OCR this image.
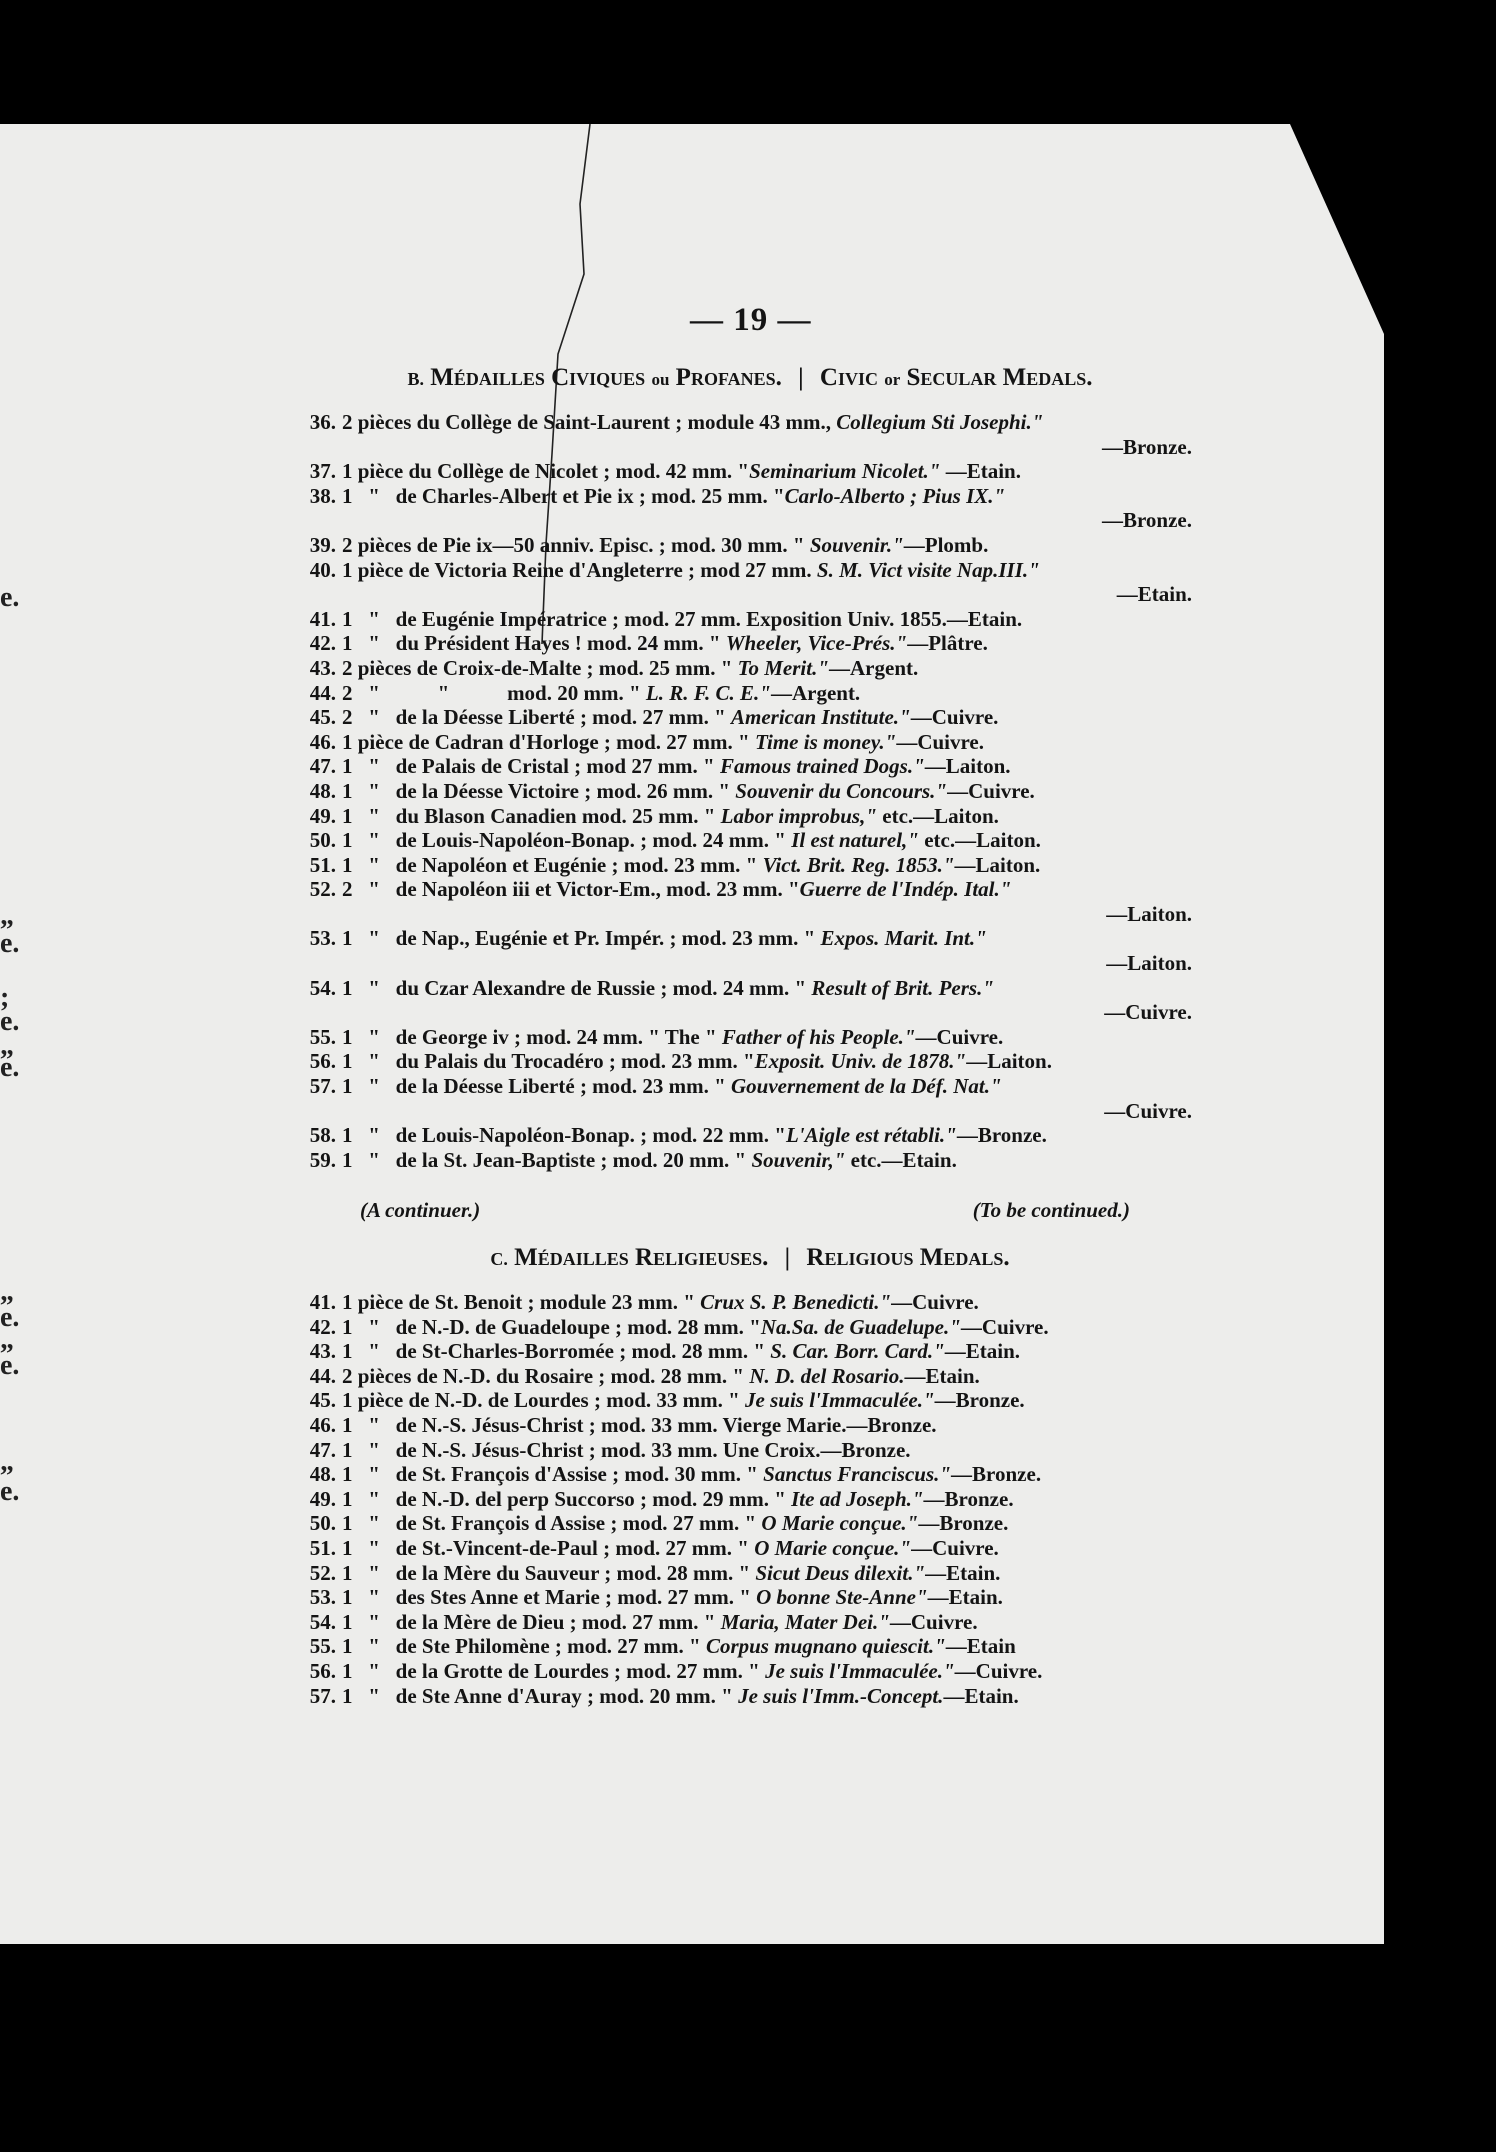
e.
„
e.
;
e.
„
e.
„
e.
„
e.
„
e.
— 19 —
B. Médailles Civiques ou Profanes. | Civic or Secular Medals.
36. 2 pièces du Collège de Saint-Laurent ; module 43 mm., Collegium Sti Josephi."
—Bronze.
37. 1 pièce du Collège de Nicolet ; mod. 42 mm. "Seminarium Nicolet." —Etain.
38. 1   "   de Charles-Albert et Pie ix ; mod. 25 mm. "Carlo-Alberto ; Pius IX."
—Bronze.
39. 2 pièces de Pie ix—50 anniv. Episc. ; mod. 30 mm. " Souvenir."—Plomb.
40. 1 pièce de Victoria Reine d'Angleterre ; mod 27 mm. S. M. Vict visite Nap.III."
—Etain.
41. 1   "   de Eugénie Impératrice ; mod. 27 mm. Exposition Univ. 1855.—Etain.
42. 1   "   du Président Hayes ! mod. 24 mm. " Wheeler, Vice-Prés."—Plâtre.
43. 2 pièces de Croix-de-Malte ; mod. 25 mm. " To Merit."—Argent.
44. 2   "           "           mod. 20 mm. " L. R. F. C. E."—Argent.
45. 2   "   de la Déesse Liberté ; mod. 27 mm. " American Institute."—Cuivre.
46. 1 pièce de Cadran d'Horloge ; mod. 27 mm. " Time is money."—Cuivre.
47. 1   "   de Palais de Cristal ; mod 27 mm. " Famous trained Dogs."—Laiton.
48. 1   "   de la Déesse Victoire ; mod. 26 mm. " Souvenir du Concours."—Cuivre.
49. 1   "   du Blason Canadien mod. 25 mm. " Labor improbus," etc.—Laiton.
50. 1   "   de Louis-Napoléon-Bonap. ; mod. 24 mm. " Il est naturel," etc.—Laiton.
51. 1   "   de Napoléon et Eugénie ; mod. 23 mm. " Vict. Brit. Reg. 1853."—Laiton.
52. 2   "   de Napoléon iii et Victor-Em., mod. 23 mm. "Guerre de l'Indép. Ital."
—Laiton.
53. 1   "   de Nap., Eugénie et Pr. Impér. ; mod. 23 mm. " Expos. Marit. Int."
—Laiton.
54. 1   "   du Czar Alexandre de Russie ; mod. 24 mm. " Result of Brit. Pers."
—Cuivre.
55. 1   "   de George iv ; mod. 24 mm. " The " Father of his People."—Cuivre.
56. 1   "   du Palais du Trocadéro ; mod. 23 mm. "Exposit. Univ. de 1878."—Laiton.
57. 1   "   de la Déesse Liberté ; mod. 23 mm. " Gouvernement de la Déf. Nat."
—Cuivre.
58. 1   "   de Louis-Napoléon-Bonap. ; mod. 22 mm. "L'Aigle est rétabli."—Bronze.
59. 1   "   de la St. Jean-Baptiste ; mod. 20 mm. " Souvenir," etc.—Etain.
(A continuer.)	(To be continued.)
C. Médailles Religieuses. | Religious Medals.
41. 1 pièce de St. Benoit ; module 23 mm. " Crux S. P. Benedicti."—Cuivre.
42. 1   "   de N.-D. de Guadeloupe ; mod. 28 mm. "Na.Sa. de Guadelupe."—Cuivre.
43. 1   "   de St-Charles-Borromée ; mod. 28 mm. " S. Car. Borr. Card."—Etain.
44. 2 pièces de N.-D. du Rosaire ; mod. 28 mm. " N. D. del Rosario.—Etain.
45. 1 pièce de N.-D. de Lourdes ; mod. 33 mm. " Je suis l'Immaculée."—Bronze.
46. 1   "   de N.-S. Jésus-Christ ; mod. 33 mm. Vierge Marie.—Bronze.
47. 1   "   de N.-S. Jésus-Christ ; mod. 33 mm. Une Croix.—Bronze.
48. 1   "   de St. François d'Assise ; mod. 30 mm. " Sanctus Franciscus."—Bronze.
49. 1   "   de N.-D. del perp Succorso ; mod. 29 mm. " Ite ad Joseph."—Bronze.
50. 1   "   de St. François d Assise ; mod. 27 mm. " O Marie conçue."—Bronze.
51. 1   "   de St.-Vincent-de-Paul ; mod. 27 mm. " O Marie conçue."—Cuivre.
52. 1   "   de la Mère du Sauveur ; mod. 28 mm. " Sicut Deus dilexit."—Etain.
53. 1   "   des Stes Anne et Marie ; mod. 27 mm. " O bonne Ste-Anne"—Etain.
54. 1   "   de la Mère de Dieu ; mod. 27 mm. " Maria, Mater Dei."—Cuivre.
55. 1   "   de Ste Philomène ; mod. 27 mm. " Corpus mugnano quiescit."—Etain
56. 1   "   de la Grotte de Lourdes ; mod. 27 mm. " Je suis l'Immaculée."—Cuivre.
57. 1   "   de Ste Anne d'Auray ; mod. 20 mm. " Je suis l'Imm.-Concept.—Etain.
